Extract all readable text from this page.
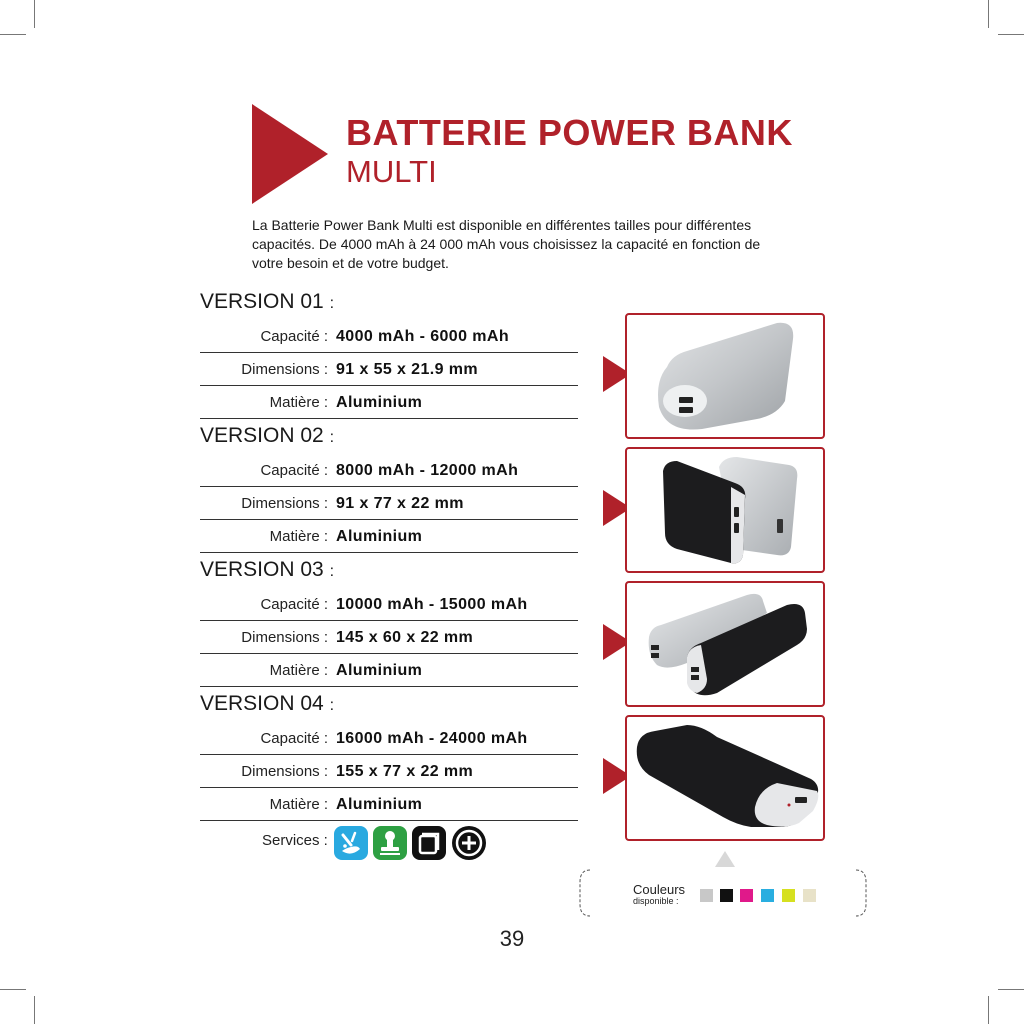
BATTERIE POWER BANK
MULTI
La Batterie Power Bank Multi est disponible en différentes tailles pour différentes capacités. De 4000 mAh à 24 000 mAh vous choisissez la capacité en fonction de votre besoin et de votre budget.
VERSION 01 :
Capacité : 4000 mAh - 6000 mAh
Dimensions : 91 x 55 x 21.9 mm
Matière : Aluminium
VERSION 02 :
Capacité : 8000 mAh - 12000 mAh
Dimensions : 91 x 77 x 22 mm
Matière : Aluminium
VERSION 03 :
Capacité : 10000 mAh - 15000 mAh
Dimensions : 145 x 60 x 22 mm
Matière : Aluminium
VERSION 04 :
Capacité : 16000 mAh - 24000 mAh
Dimensions : 155 x 77 x 22 mm
Matière : Aluminium
Services :
Couleurs
disponible :
39
